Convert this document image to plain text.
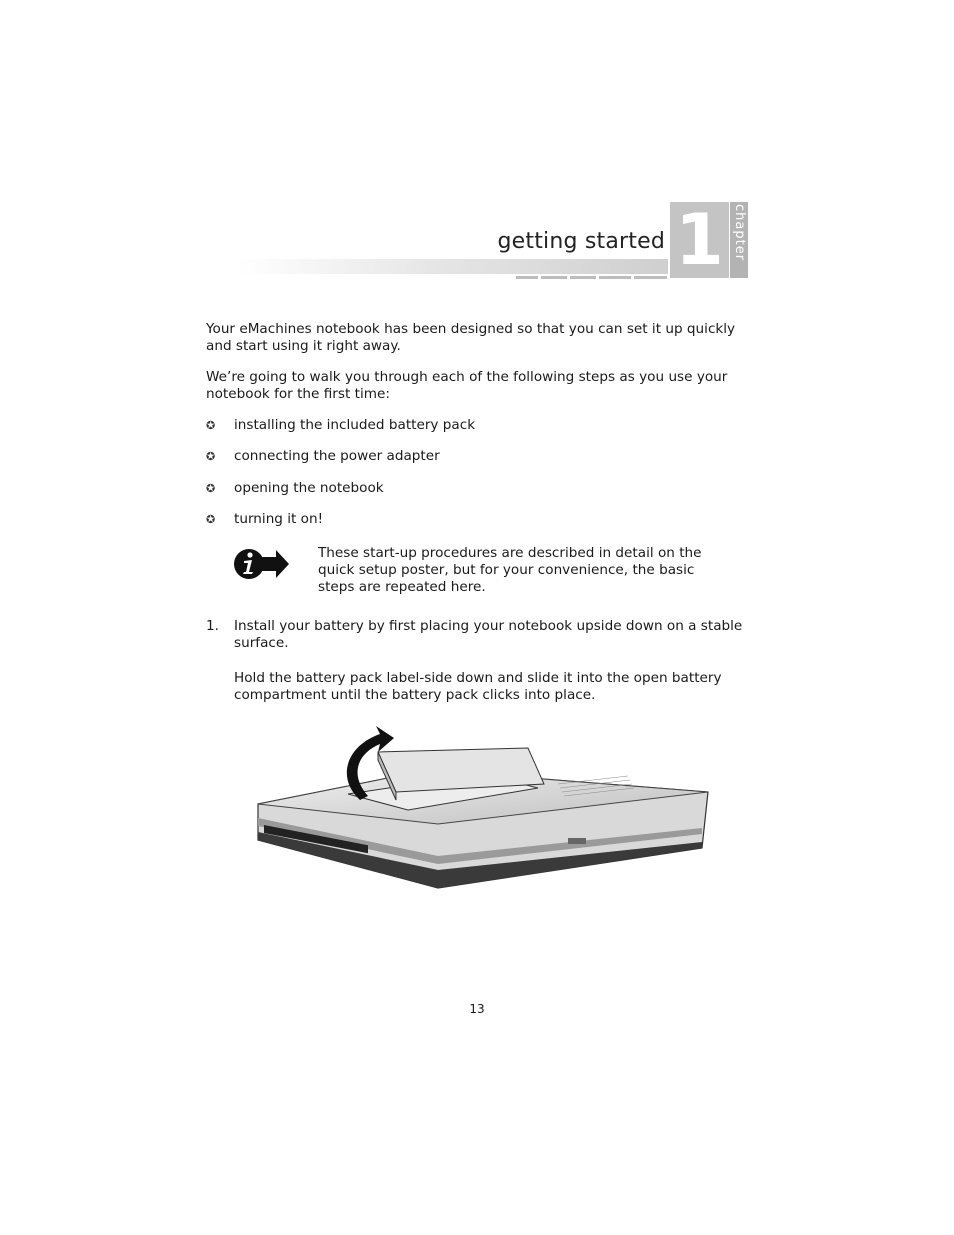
getting started 1 chapter
Your eMachines notebook has been designed so that you can set it up quickly and start using it right away.
We’re going to walk you through each of the following steps as you use your notebook for the first time:
✪ installing the included battery pack
✪ connecting the power adapter
✪ opening the notebook
✪ turning it on!
These start-up procedures are described in detail on the quick setup poster, but for your convenience, the basic steps are repeated here.
1. Install your battery by first placing your notebook upside down on a stable surface.
Hold the battery pack label-side down and slide it into the open battery compartment until the battery pack clicks into place.
13
